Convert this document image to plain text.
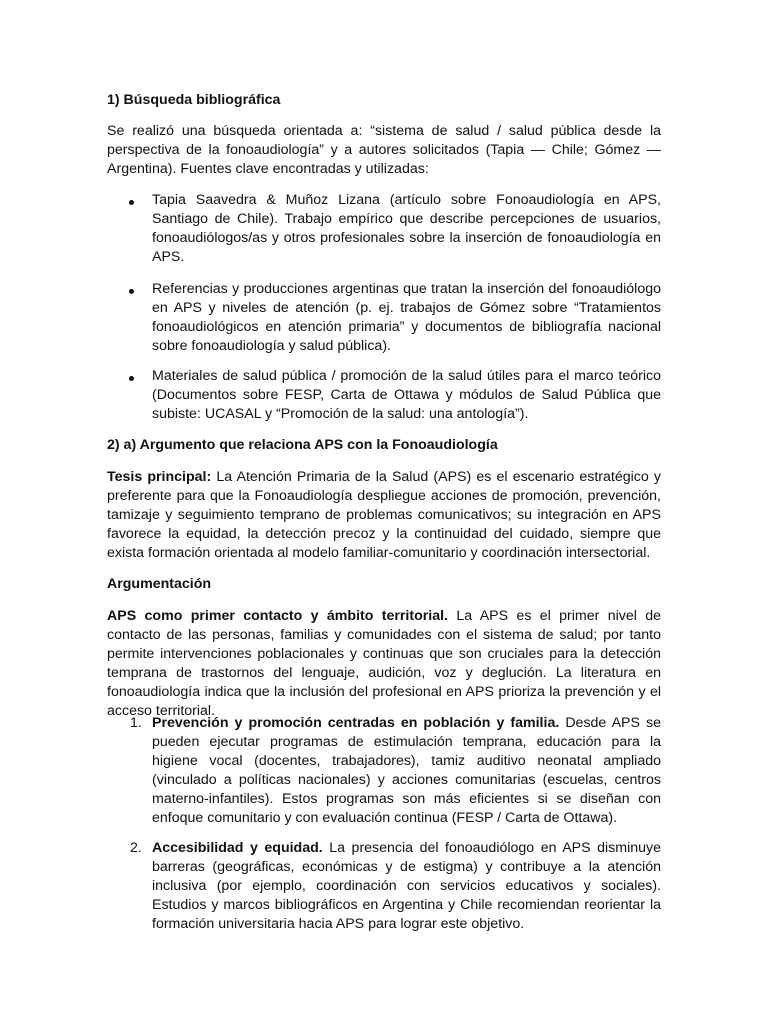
1) Búsqueda bibliográfica

Se realizó una búsqueda orientada a: “sistema de salud / salud pública desde la perspectiva de la fonoaudiología” y a autores solicitados (Tapia — Chile; Gómez — Argentina). Fuentes clave encontradas y utilizadas:

Tapia Saavedra & Muñoz Lizana (artículo sobre Fonoaudiología en APS, Santiago de Chile). Trabajo empírico que describe percepciones de usuarios, fonoaudiólogos/as y otros profesionales sobre la inserción de fonoaudiología en APS.

Referencias y producciones argentinas que tratan la inserción del fonoaudiólogo en APS y niveles de atención (p. ej. trabajos de Gómez sobre “Tratamientos fonoaudiológicos en atención primaria” y documentos de bibliografía nacional sobre fonoaudiología y salud pública).

Materiales de salud pública / promoción de la salud útiles para el marco teórico (Documentos sobre FESP, Carta de Ottawa y módulos de Salud Pública que subiste: UCASAL y “Promoción de la salud: una antología”).

2) a) Argumento que relaciona APS con la Fonoaudiología

Tesis principal: La Atención Primaria de la Salud (APS) es el escenario estratégico y preferente para que la Fonoaudiología despliegue acciones de promoción, prevención, tamizaje y seguimiento temprano de problemas comunicativos; su integración en APS favorece la equidad, la detección precoz y la continuidad del cuidado, siempre que exista formación orientada al modelo familiar-comunitario y coordinación intersectorial.

Argumentación

APS como primer contacto y ámbito territorial. La APS es el primer nivel de contacto de las personas, familias y comunidades con el sistema de salud; por tanto permite intervenciones poblacionales y continuas que son cruciales para la detección temprana de trastornos del lenguaje, audición, voz y deglución. La literatura en fonoaudiología indica que la inclusión del profesional en APS prioriza la prevención y el acceso territorial.

1. Prevención y promoción centradas en población y familia. Desde APS se pueden ejecutar programas de estimulación temprana, educación para la higiene vocal (docentes, trabajadores), tamiz auditivo neonatal ampliado (vinculado a políticas nacionales) y acciones comunitarias (escuelas, centros materno-infantiles). Estos programas son más eficientes si se diseñan con enfoque comunitario y con evaluación continua (FESP / Carta de Ottawa).

2. Accesibilidad y equidad. La presencia del fonoaudiólogo en APS disminuye barreras (geográficas, económicas y de estigma) y contribuye a la atención inclusiva (por ejemplo, coordinación con servicios educativos y sociales). Estudios y marcos bibliográficos en Argentina y Chile recomiendan reorientar la formación universitaria hacia APS para lograr este objetivo.
